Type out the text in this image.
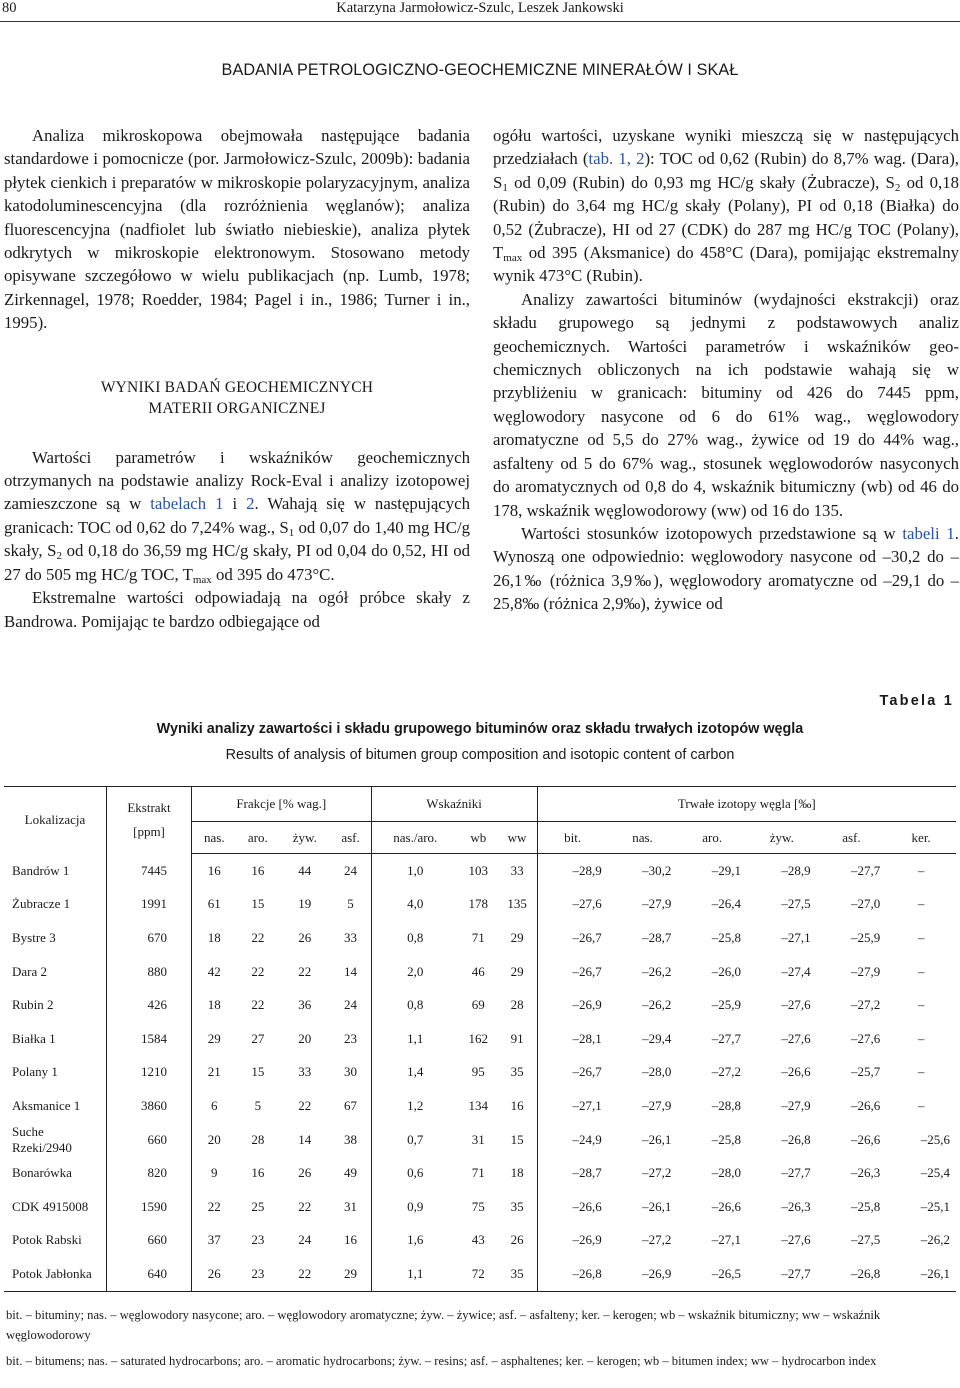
80	Katarzyna Jarmołowicz-Szulc, Leszek Jankowski
BADANIA PETROLOGICZNO-GEOCHEMICZNE MINERAŁÓW I SKAŁ

Analiza mikroskopowa obejmowała następujące badania standardowe i pomocnicze (por. Jarmołowicz-Szulc, 2009b): badania płytek cienkich i preparatów w mikroskopie polaryzacyjnym, analiza katodoluminescencyjna (dla rozróżnienia węglanów); analiza fluorescencyjna (nadfiolet lub światło niebieskie), analiza płytek odkrytych w mikroskopie elektronowym. Stosowano metody opisywane szczegółowo w wielu publikacjach (np. Lumb, 1978; Zirkennagel, 1978; Roedder, 1984; Pagel i in., 1986; Turner i in., 1995).

WYNIKI BADAŃ GEOCHEMICZNYCH
MATERII ORGANICZNEJ

Wartości parametrów i wskaźników geochemicznych otrzymanych na podstawie analizy Rock-Eval i analizy izotopowej zamieszczone są w tabelach 1 i 2. Wahają się w następujących granicach: TOC od 0,62 do 7,24% wag., $S_1$ od 0,07 do 1,40 mg HC/g skały, $S_2$ od 0,18 do 36,59 mg HC/g skały, PI od 0,04 do 0,52, HI od 27 do 505 mg HC/g TOC, $T_{max}$ od 395 do 473°C.

Ekstremalne wartości odpowiadają na ogół próbce skały z Bandrowa. Pomijając te bardzo odbiegające od

ogółu wartości, uzyskane wyniki mieszczą się w następujących przedziałach (tab. 1, 2): TOC od 0,62 (Rubin) do 8,7% wag. (Dara), $S_1$ od 0,09 (Rubin) do 0,93 mg HC/g skały (Żubracze), $S_2$ od 0,18 (Rubin) do 3,64 mg HC/g skały (Polany), PI od 0,18 (Białka) do 0,52 (Żubracze), HI od 27 (CDK) do 287 mg HC/g TOC (Polany), $T_{max}$ od 395 (Aksmanice) do 458°C (Dara), pomijając ekstremalny wynik 473°C (Rubin).

Analizy zawartości bituminów (wydajności ekstrakcji) oraz składu grupowego są jednymi z podstawowych analiz geochemicznych. Wartości parametrów i wskaźników geochemicznych obliczonych na ich podstawie wahają się w przybliżeniu w granicach: bituminy od 426 do 7445 ppm, węglowodory nasycone od 6 do 61% wag., węglowodory aromatyczne od 5,5 do 27% wag., żywice od 19 do 44% wag., asfalteny od 5 do 67% wag., stosunek węglowodorów nasyconych do aromatycznych od 0,8 do 4, wskaźnik bitumiczny (wb) od 46 do 178, wskaźnik węglowodorowy (ww) od 16 do 135.

Wartości stosunków izotopowych przedstawione są w tabeli 1. Wynoszą one odpowiednio: węglowodory nasycone od –30,2 do –26,1‰ (różnica 3,9‰), węglowodory aromatyczne od –29,1 do –25,8‰ (różnica 2,9‰), żywice od

Tabela 1
Wyniki analizy zawartości i składu grupowego bituminów oraz składu trwałych izotopów węgla
Results of analysis of bitumen group composition and isotopic content of carbon
Lokalizacja	Ekstrakt
[ppm]	Frakcje [% wag.]				Wskaźniki			Trwałe izotopy węgla [‰]					
		nas.	aro.	żyw.	asf.	nas./aro.	wb	ww	bit.	nas.	aro.	żyw.	asf.	ker.
Bandrów 1	7445	16	16	44	24	1,0	103	33	–28,9	–30,2	–29,1	–28,9	–27,7	–
Żubracze 1	1991	61	15	19	5	4,0	178	135	–27,6	–27,9	–26,4	–27,5	–27,0	–
Bystre 3	670	18	22	26	33	0,8	71	29	–26,7	–28,7	–25,8	–27,1	–25,9	–
Dara 2	880	42	22	22	14	2,0	46	29	–26,7	–26,2	–26,0	–27,4	–27,9	–
Rubin 2	426	18	22	36	24	0,8	69	28	–26,9	–26,2	–25,9	–27,6	–27,2	–
Białka 1	1584	29	27	20	23	1,1	162	91	–28,1	–29,4	–27,7	–27,6	–27,6	–
Polany 1	1210	21	15	33	30	1,4	95	35	–26,7	–28,0	–27,2	–26,6	–25,7	–
Aksmanice 1	3860	6	5	22	67	1,2	134	16	–27,1	–27,9	–28,8	–27,9	–26,6	–
Suche Rzeki/2940	660	20	28	14	38	0,7	31	15	–24,9	–26,1	–25,8	–26,8	–26,6	–25,6
Bonarówka	820	9	16	26	49	0,6	71	18	–28,7	–27,2	–28,0	–27,7	–26,3	–25,4
CDK 4915008	1590	22	25	22	31	0,9	75	35	–26,6	–26,1	–26,6	–26,3	–25,8	–25,1
Potok Rabski	660	37	23	24	16	1,6	43	26	–26,9	–27,2	–27,1	–27,6	–27,5	–26,2
Potok Jabłonka	640	26	23	22	29	1,1	72	35	–26,8	–26,9	–26,5	–27,7	–26,8	–26,1
bit. – bituminy; nas. – węglowodory nasycone; aro. – węglowodory aromatyczne; żyw. – żywice; asf. – asfalteny; ker. – kerogen; wb – wskaźnik bitumiczny; ww – wskaźnik węglowodorowy
bit. – bitumens; nas. – saturated hydrocarbons; aro. – aromatic hydrocarbons; żyw. – resins; asf. – asphaltenes; ker. – kerogen; wb – bitumen index; ww – hydrocarbon index
